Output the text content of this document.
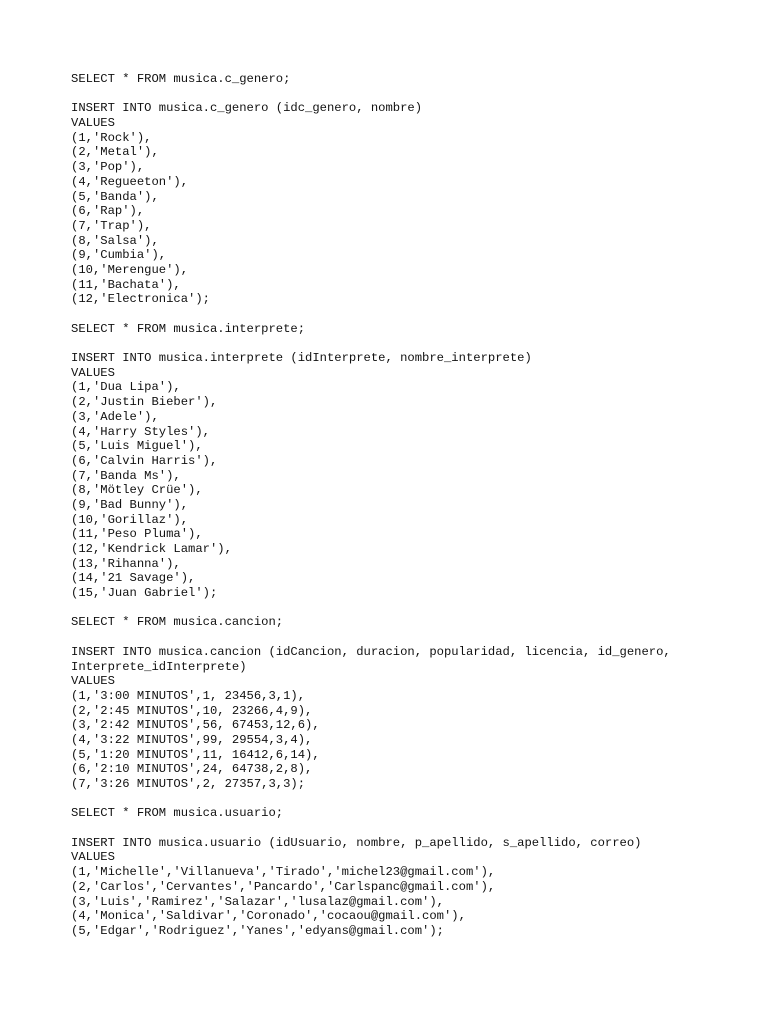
SELECT * FROM musica.c_genero;
INSERT INTO musica.c_genero (idc_genero, nombre)
VALUES
(1,'Rock'),
(2,'Metal'),
(3,'Pop'),
(4,'Regueeton'),
(5,'Banda'),
(6,'Rap'),
(7,'Trap'),
(8,'Salsa'),
(9,'Cumbia'),
(10,'Merengue'),
(11,'Bachata'),
(12,'Electronica');
SELECT * FROM musica.interprete;
INSERT INTO musica.interprete (idInterprete, nombre_interprete)
VALUES
(1,'Dua Lipa'),
(2,'Justin Bieber'),
(3,'Adele'),
(4,'Harry Styles'),
(5,'Luis Miguel'),
(6,'Calvin Harris'),
(7,'Banda Ms'),
(8,'Mötley Crüe'),
(9,'Bad Bunny'),
(10,'Gorillaz'),
(11,'Peso Pluma'),
(12,'Kendrick Lamar'),
(13,'Rihanna'),
(14,'21 Savage'),
(15,'Juan Gabriel');
SELECT * FROM musica.cancion;
INSERT INTO musica.cancion (idCancion, duracion, popularidad, licencia, id_genero,
Interprete_idInterprete)
VALUES
(1,'3:00 MINUTOS',1, 23456,3,1),
(2,'2:45 MINUTOS',10, 23266,4,9),
(3,'2:42 MINUTOS',56, 67453,12,6),
(4,'3:22 MINUTOS',99, 29554,3,4),
(5,'1:20 MINUTOS',11, 16412,6,14),
(6,'2:10 MINUTOS',24, 64738,2,8),
(7,'3:26 MINUTOS',2, 27357,3,3);
SELECT * FROM musica.usuario;
INSERT INTO musica.usuario (idUsuario, nombre, p_apellido, s_apellido, correo)
VALUES
(1,'Michelle','Villanueva','Tirado','michel23@gmail.com'),
(2,'Carlos','Cervantes','Pancardo','Carlspanc@gmail.com'),
(3,'Luis','Ramirez','Salazar','lusalaz@gmail.com'),
(4,'Monica','Saldivar','Coronado','cocaou@gmail.com'),
(5,'Edgar','Rodriguez','Yanes','edyans@gmail.com');
